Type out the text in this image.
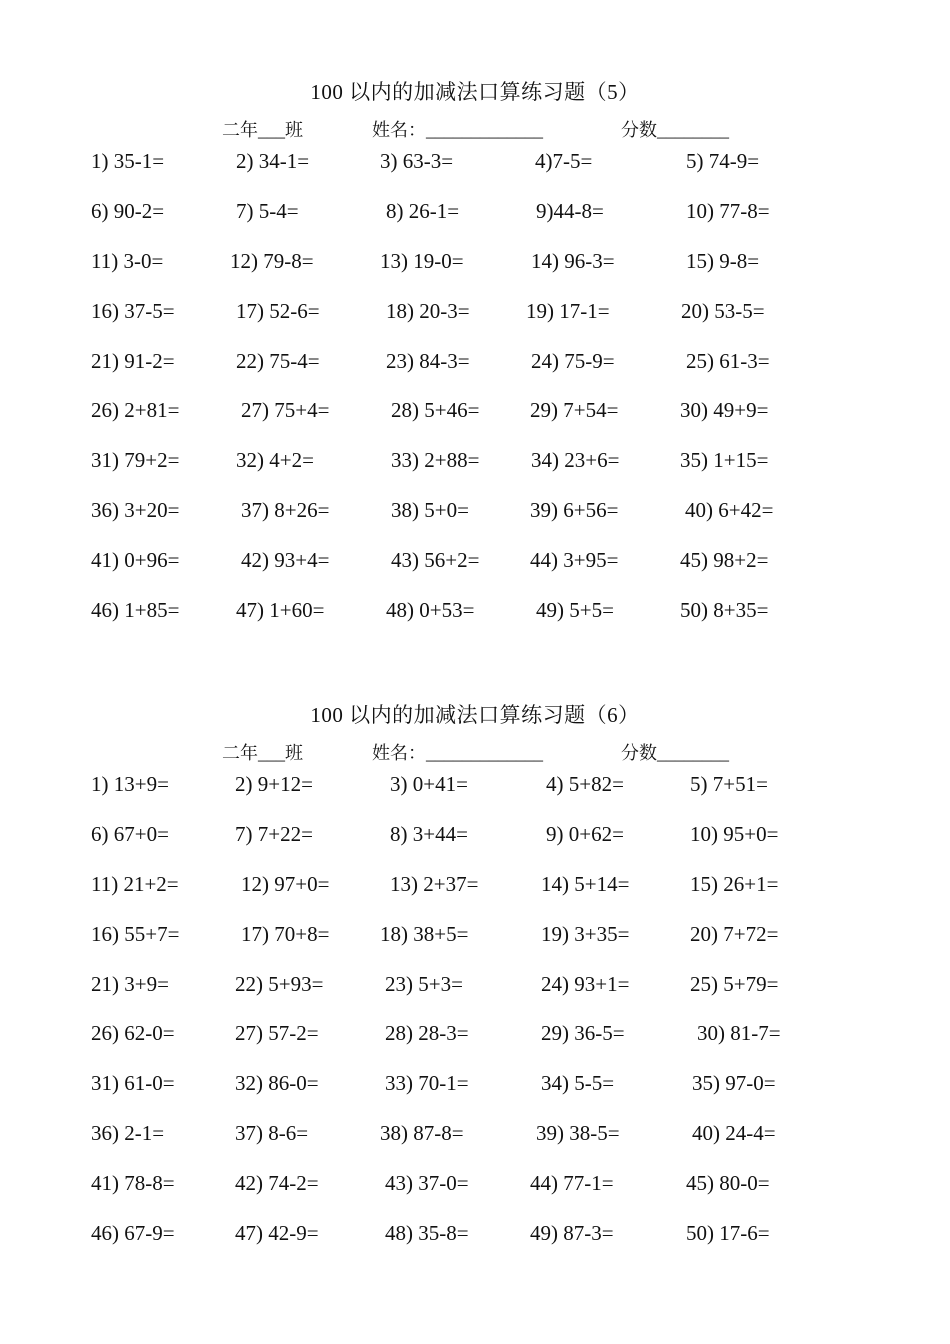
100 以内的加减法口算练习题（5）
二年___班	姓名：_____________	分数________
1) 35-1=	2) 34-1=	3) 63-3=	4)7-5=	5) 74-9=
6) 90-2=	7) 5-4=	8) 26-1=	9)44-8=	10) 77-8=
11) 3-0=	12) 79-8=	13) 19-0=	14) 96-3=	15) 9-8=
16) 37-5=	17) 52-6=	18) 20-3=	19) 17-1=	20) 53-5=
21) 91-2=	22) 75-4=	23) 84-3=	24) 75-9=	25) 61-3=
26) 2+81=	27) 75+4=	28) 5+46= 29) 7+54=	30) 49+9=
31) 79+2=	32) 4+2=	33) 2+88= 34) 23+6=	35) 1+15=
36) 3+20=	37) 8+26=	38) 5+0=	39) 6+56=	40) 6+42=
41) 0+96=	42) 93+4=	43) 56+2= 44) 3+95=	45) 98+2=
46) 1+85=	47) 1+60=	48) 0+53=	49) 5+5=	50) 8+35=
100 以内的加减法口算练习题（6）
二年___班	姓名：_____________	分数________
1) 13+9=	2) 9+12=	3) 0+41=	4) 5+82=	5) 7+51=
6) 67+0=	7) 7+22=	8) 3+44=	9) 0+62=	10) 95+0=
11) 21+2=	12) 97+0=	13) 2+37=	14) 5+14=	15) 26+1=
16) 55+7=	17) 70+8= 18) 38+5=	19) 3+35=	20) 7+72=
21) 3+9=	22) 5+93=	23) 5+3=	24) 93+1=	25) 5+79=
26) 62-0=	27) 57-2=	28) 28-3=	29) 36-5=	30) 81-7=
31) 61-0=	32) 86-0=	33) 70-1=	34) 5-5=	35) 97-0=
36) 2-1=	37) 8-6=	38) 87-8=	39) 38-5=	40) 24-4=
41) 78-8=	42) 74-2=	43) 37-0=	44) 77-1=	45) 80-0=
46) 67-9=	47) 42-9=	48) 35-8=	49) 87-3=	50) 17-6=
